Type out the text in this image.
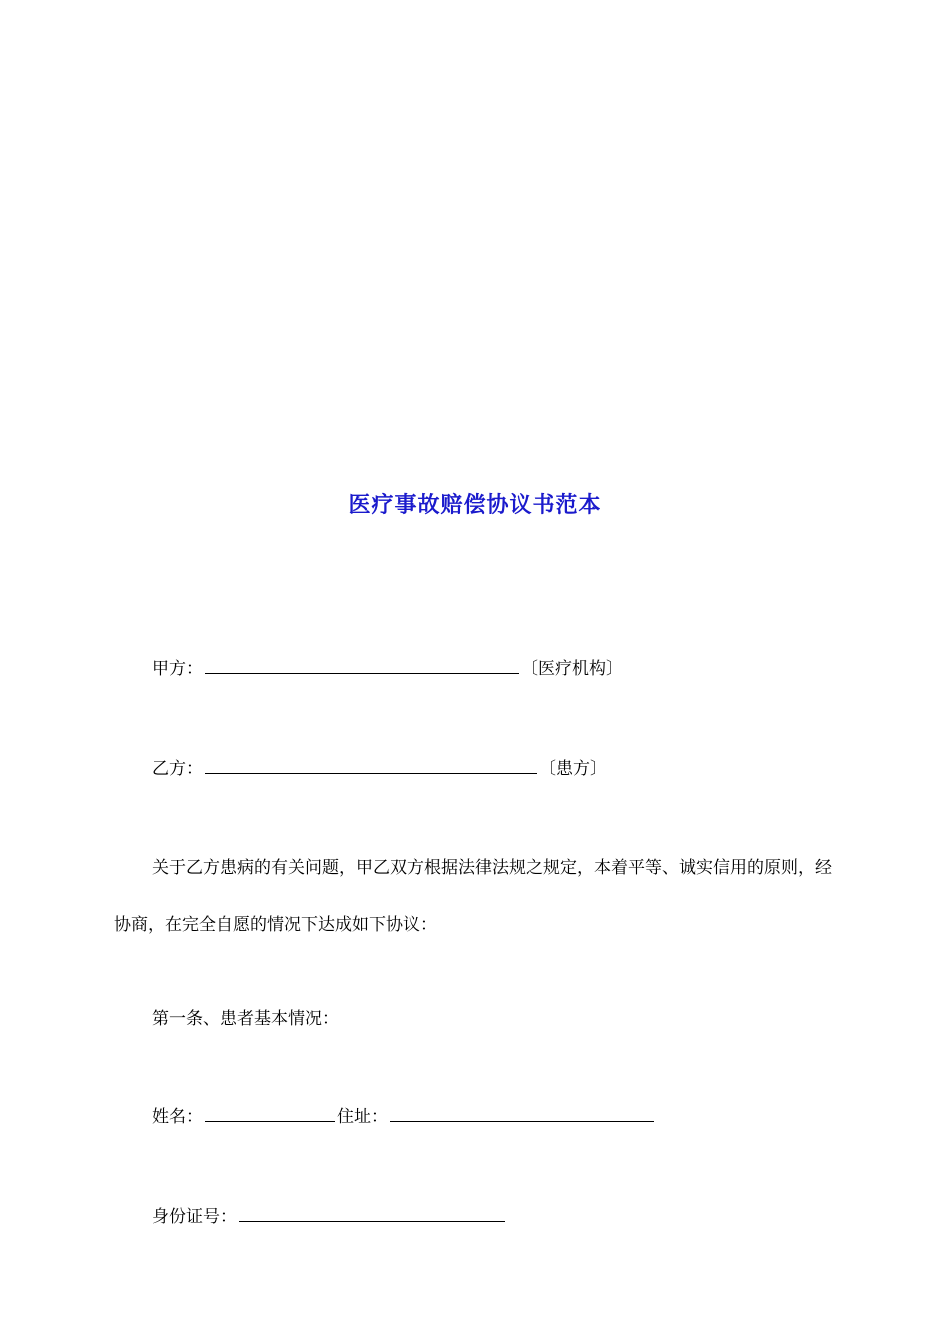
医疗事故赔偿协议书范本
甲方：	〔医疗机构〕
乙方：	〔患方〕
关于乙方患病的有关问题，甲乙双方根据法律法规之规定，本着平等、诚实信用的原则，经协商，在完全自愿的情况下达成如下协议：
第一条、患者基本情况：
姓名：	住址：
身份证号：
